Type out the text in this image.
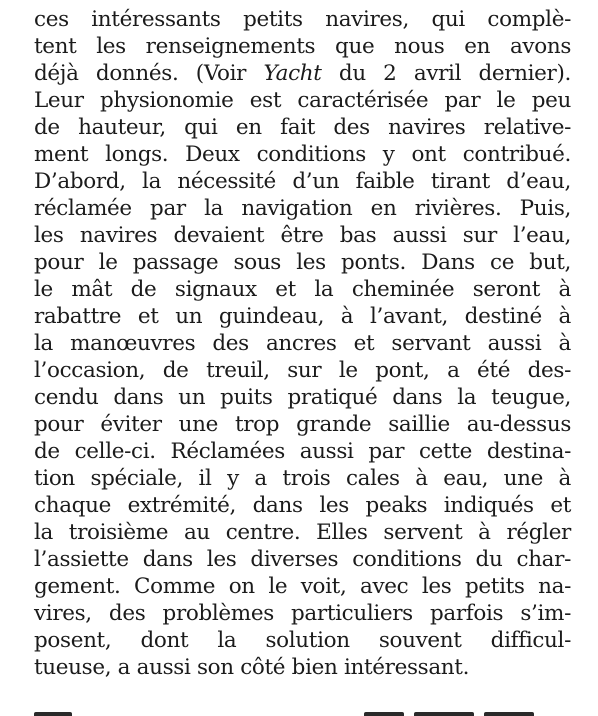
ces intéressants petits navires, qui complè-
tent les renseignements que nous en avons
déjà donnés. (Voir Yacht du 2 avril dernier).
Leur physionomie est caractérisée par le peu
de hauteur, qui en fait des navires relative-
ment longs. Deux conditions y ont contribué.
D’abord, la nécessité d’un faible tirant d’eau,
réclamée par la navigation en rivières. Puis,
les navires devaient être bas aussi sur l’eau,
pour le passage sous les ponts. Dans ce but,
le mât de signaux et la cheminée seront à
rabattre et un guindeau, à l’avant, destiné à
la manœuvres des ancres et servant aussi à
l’occasion, de treuil, sur le pont, a été des-
cendu dans un puits pratiqué dans la teugue,
pour éviter une trop grande saillie au-dessus
de celle-ci. Réclamées aussi par cette destina-
tion spéciale, il y a trois cales à eau, une à
chaque extrémité, dans les peaks indiqués et
la troisième au centre. Elles servent à régler
l’assiette dans les diverses conditions du char-
gement. Comme on le voit, avec les petits na-
vires, des problèmes particuliers parfois s’im-
posent, dont la solution souvent difficul-
tueuse, a aussi son côté bien intéressant.
